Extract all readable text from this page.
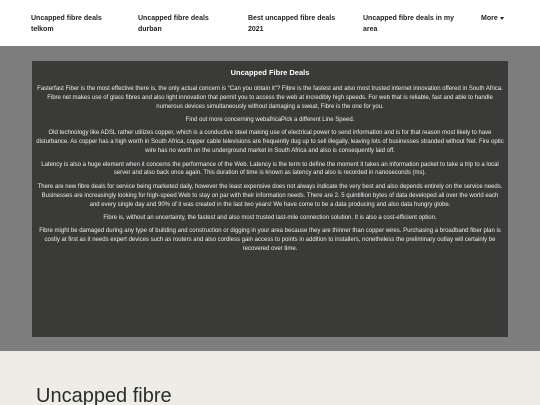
Uncapped fibre deals
telkom
Uncapped fibre deals
durban
Best uncapped fibre deals
2021
Uncapped fibre deals in my
area
More
Uncapped Fibre Deals

Fasterfast Fiber is the most effective there is, the only actual concern is “Can you obtain it”? Fibre is the fastest and also most trusted internet innovation offered in South Africa. Fibre net makes use of glass fibres and also light innovation that permit you to access the web at incredibly high speeds. For web that is reliable, fast and able to handle numerous devices simultaneously without damaging a sweat, Fibre is the one for you.

Find out more concerning webafricaPick a different Line Speed.

Old technology like ADSL rather utilizes copper, which is a conductive steel making use of electrical power to send information and is for that reason most likely to have disturbance. As copper has a high worth in South Africa, copper cable televisions are frequently dug up to sell illegally, leaving lots of businesses stranded without Net. Fire optic wire has no worth on the underground market in South Africa and also is consequently laid off.

Latency is also a huge element when it concerns the performance of the Web. Latency is the term to define the moment it takes an information packet to take a trip to a local server and also back once again. This duration of time is known as latency and also is recorded in nanoseconds (ms).

There are new fibre deals for service being marketed daily, however the least expensive does not always indicate the very best and also depends entirely on the service needs. Businesses are increasingly looking for high-speed Web to stay on par with their information needs. There are 2. 5 quintillion bytes of data developed all over the world each and every single day and 90% of it was created in the last two years! We have come to be a data producing and also data hungry globe.

Fibre is, without an uncertainty, the fastest and also most trusted last-mile connection solution. It is also a cost-efficient option.

Fibre might be damaged during any type of building and construction or digging in your area because they are thinner than copper wires. Purchasing a broadband fiber plan is costly at first as it needs expert devices such as routers and also cordless gain access to points in addition to installers, nonetheless the preliminary outlay will certainly be recovered over time.

Uncapped fibre
